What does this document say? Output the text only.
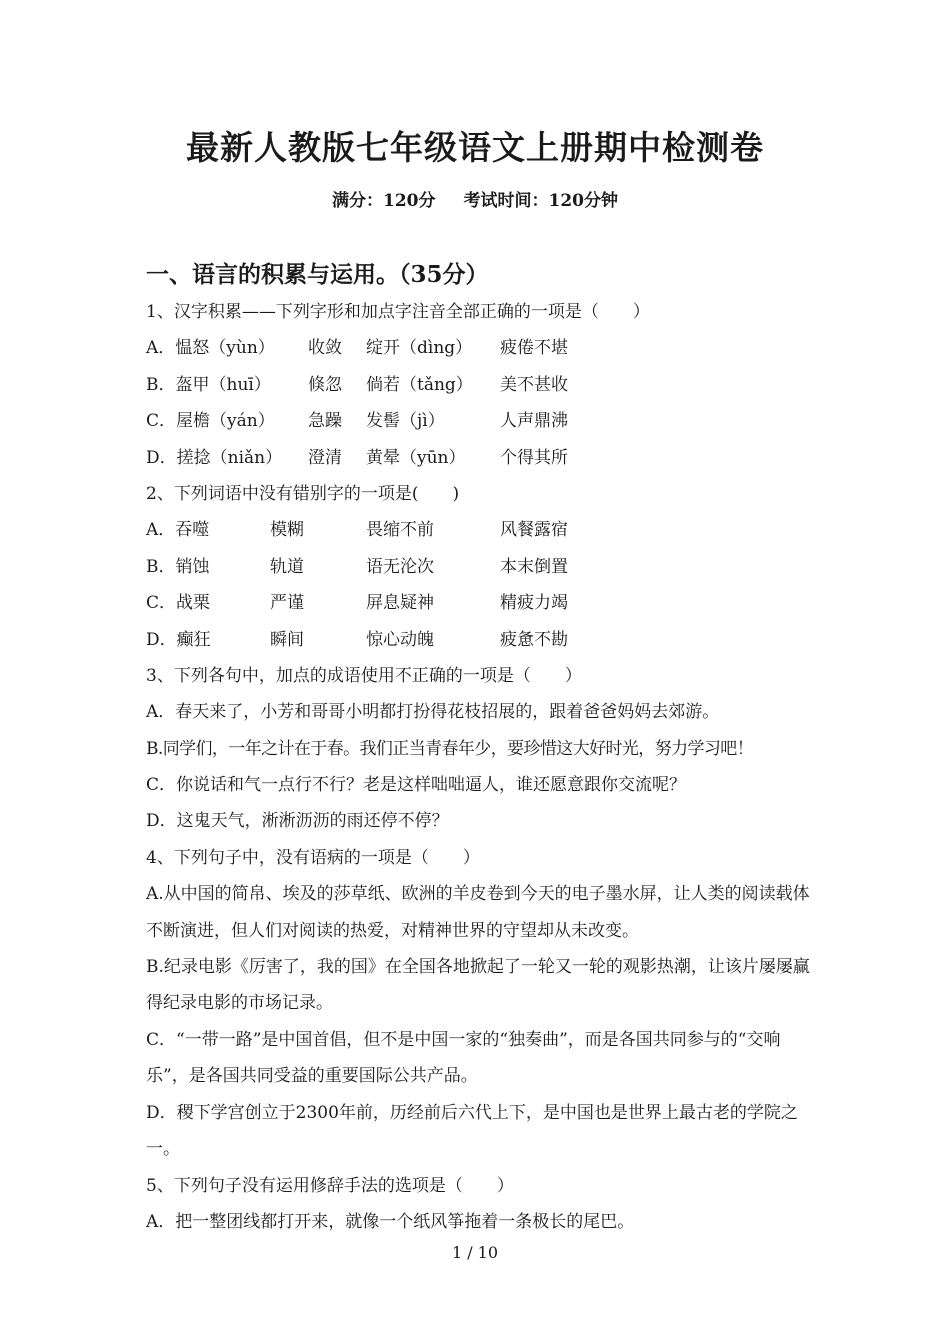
最新人教版七年级语文上册期中检测卷
满分：120分 考试时间：120分钟
一、语言的积累与运用。（35分）
1、汉字积累——下列字形和加点字注音全部正确的一项是（　　）
A．愠怒（yùn）	收敛	绽开（dìng）	疲倦不堪
B．盔甲（huī）	倏忽	倘若（tǎng）	美不甚收
C．屋檐（yán）	急躁	发髻（jì）	人声鼎沸
D．搓捻（niǎn）	澄清	黄晕（yūn）	个得其所
2、下列词语中没有错别字的一项是(　　)
A．吞噬	模糊	畏缩不前	风餐露宿
B．销蚀	轨道	语无沦次	本末倒置
C．战栗	严谨	屏息疑神	精疲力竭
D．癫狂	瞬间	惊心动魄	疲惫不勘
3、下列各句中，加点的成语使用不正确的一项是（　　）
A．春天来了，小芳和哥哥小明都打扮得花枝招展的，跟着爸爸妈妈去郊游。
B.同学们，一年之计在于春。我们正当青春年少，要珍惜这大好时光，努力学习吧！
C．你说话和气一点行不行？老是这样咄咄逼人，谁还愿意跟你交流呢？
D．这鬼天气，淅淅沥沥的雨还停不停？
4、下列句子中，没有语病的一项是（　　）
A.从中国的简帛、埃及的莎草纸、欧洲的羊皮卷到今天的电子墨水屏，让人类的阅读载体不断演进，但人们对阅读的热爱，对精神世界的守望却从未改变。
B.纪录电影《厉害了，我的国》在全国各地掀起了一轮又一轮的观影热潮，让该片屡屡赢得纪录电影的市场记录。
C．“一带一路”是中国首倡，但不是中国一家的“独奏曲”，而是各国共同参与的“交响乐”，是各国共同受益的重要国际公共产品。
D．稷下学宫创立于2300年前，历经前后六代上下，是中国也是世界上最古老的学院之一。
5、下列句子没有运用修辞手法的选项是（　　）
A．把一整团线都打开来，就像一个纸风筝拖着一条极长的尾巴。
1 / 10
